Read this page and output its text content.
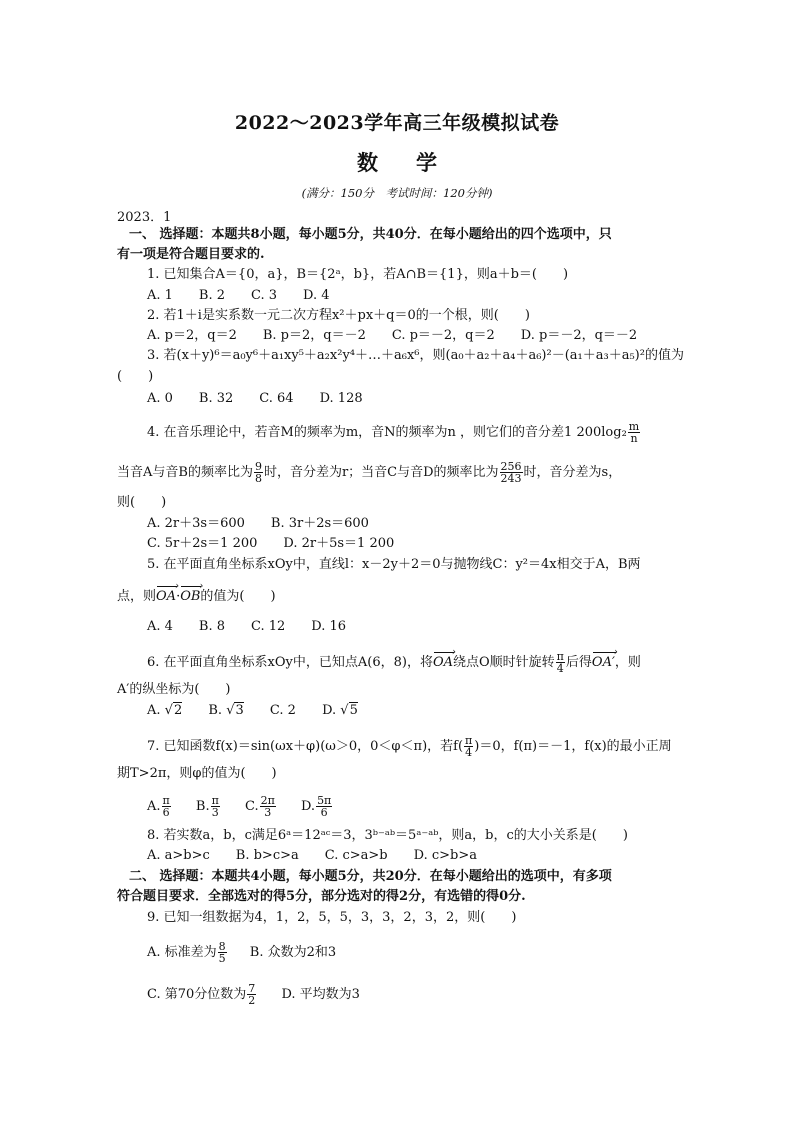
2022～2023学年高三年级模拟试卷
数学
(满分：150分　考试时间：120分钟)
2023．1
一、 选择题：本题共8小题，每小题5分，共40分．在每小题给出的四个选项中，只
有一项是符合题目要求的.
1. 已知集合A＝{0，a}，B＝{2ᵃ，b}，若A∩B＝{1}，则a＋b＝(　　)
A. 1　　B. 2　　C. 3　　D. 4
2. 若1＋i是实系数一元二次方程x²＋px＋q＝0的一个根，则(　　)
A. p＝2，q＝2　　B. p＝2，q＝－2　　C. p＝－2，q＝2　　D. p＝－2，q＝－2
3. 若(x＋y)⁶＝a₀y⁶＋a₁xy⁵＋a₂x²y⁴＋…＋a₆x⁶，则(a₀＋a₂＋a₄＋a₆)²－(a₁＋a₃＋a₅)²的值为
(　　)
A. 0　　B. 32　　C. 64　　D. 128
4. 在音乐理论中，若音M的频率为m，音N的频率为n ，则它们的音分差1 $200\log_2 \frac{m}{n}$
当音A与音B的频率比为 $\frac{9}{8}$ 时，音分差为r；当音C与音D的频率比为 $\frac{256}{243}$ 时，音分差为s，
则(　　)
A. 2r＋3s＝600　　B. 3r＋2s＝600
C. 5r＋2s＝1 200　　D. 2r＋5s＝1 200
5. 在平面直角坐标系xOy中，直线l：x－2y＋2＝0与抛物线C：y²＝4x相交于A，B两
点，则OA ›·OB ›的值为(　　)
A. 4　　B. 8　　C. 12　　D. 16
6. 在平面直角坐标系xOy中，已知点A(6，8)，将OA ›绕点O顺时针旋转 $\frac{\pi}{4}$ 后得OA′ ›，则
A′的纵坐标为(　　)
A. √2 B. √3 C. 2 D. √5
7. 已知函数f(x)＝sin(ωx＋φ)(ω＞0，0＜φ＜π)，若$f( \frac{\pi}{4} )=0$，f(π)＝－1，f(x)的最小正周
期T>2π，则φ的值为(　　)
A. $\frac{\pi}{6} B$. $\frac{\pi}{3} C$. $\frac{2\pi}{3} D$. $\frac{5\pi}{6}$
8. 若实数a，b，c满足6ᵃ＝12ᵃᶜ＝3，3ᵇ⁻ᵃᵇ＝5ᵃ⁻ᵃᵇ，则a，b，c的大小关系是(　　)
A. a>b>c　　B. b>c>a　　C. c>a>b　　D. c>b>a
二、 选择题：本题共4小题，每小题5分，共20分．在每小题给出的选项中，有多项
符合题目要求．全部选对的得5分，部分选对的得2分，有选错的得0分.
9. 已知一组数据为4，1，2，5，5，3，3，2，3，2，则(　　)
A. 标准差为 $\frac{8}{5} B$. 众数为2和3
C. 第70分位数为 $\frac{7}{2} D$. 平均数为3
